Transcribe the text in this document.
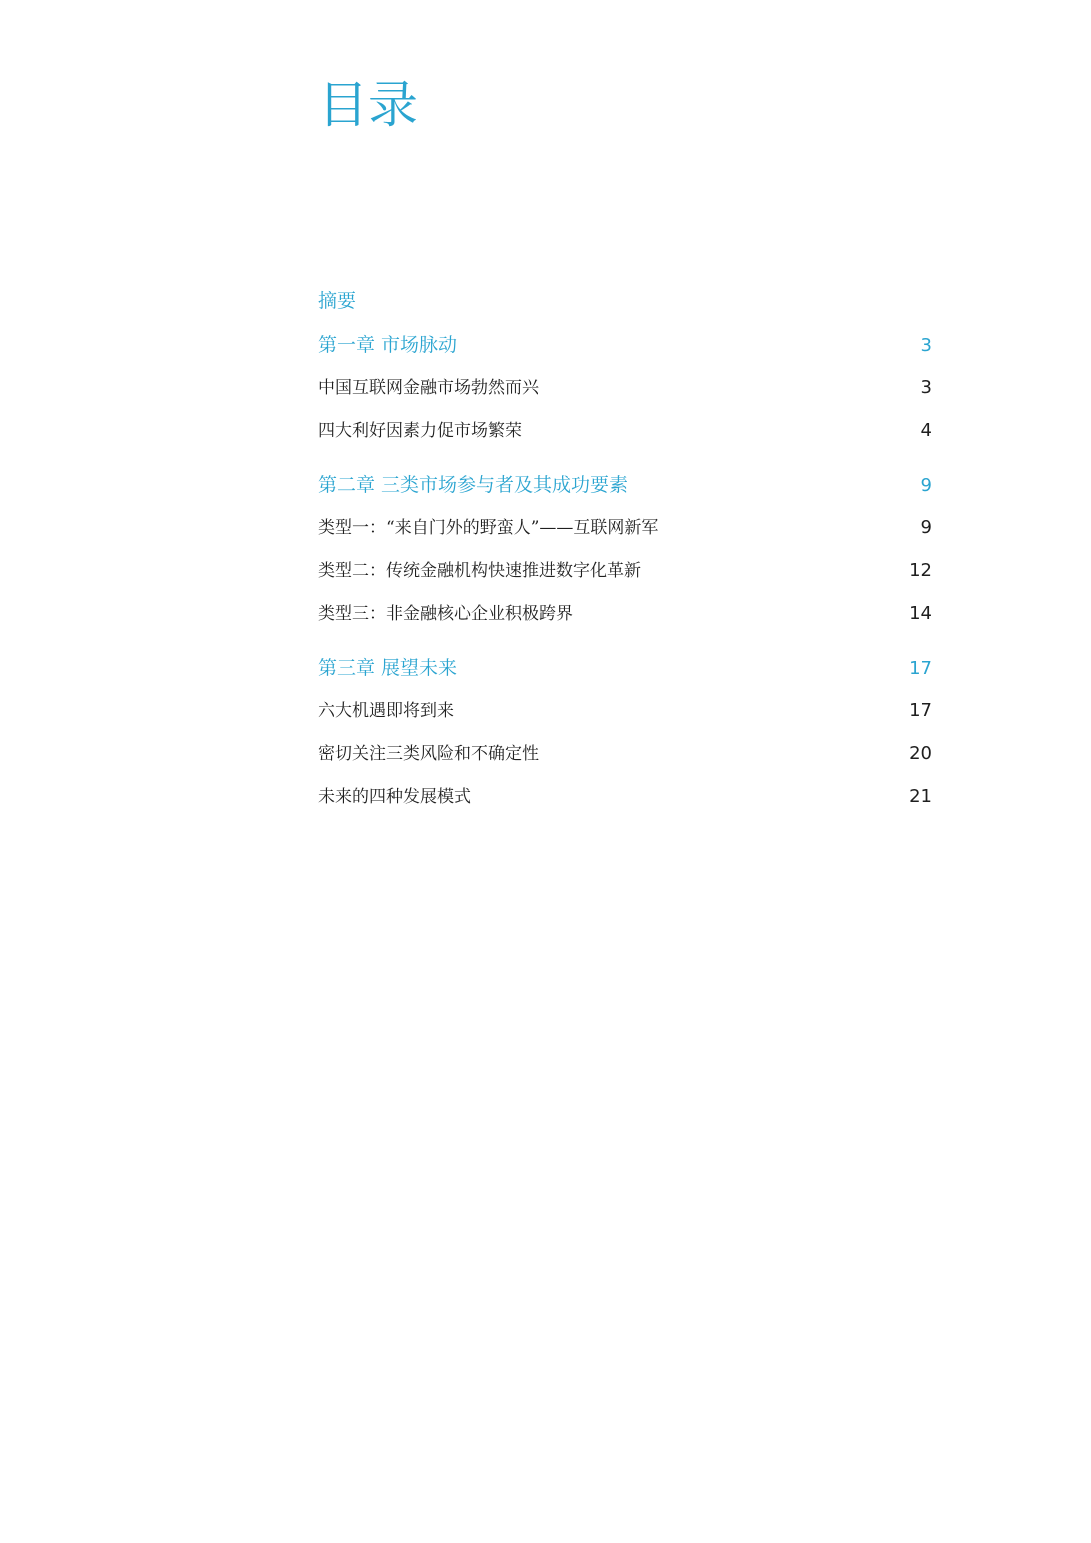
目录
摘要
第一章 市场脉动	3
中国互联网金融市场勃然而兴	3
四大利好因素力促市场繁荣	4
第二章 三类市场参与者及其成功要素	9
类型一：“来自门外的野蛮人”——互联网新军	9
类型二：传统金融机构快速推进数字化革新	12
类型三：非金融核心企业积极跨界	14
第三章 展望未来	17
六大机遇即将到来	17
密切关注三类风险和不确定性	20
未来的四种发展模式	21
